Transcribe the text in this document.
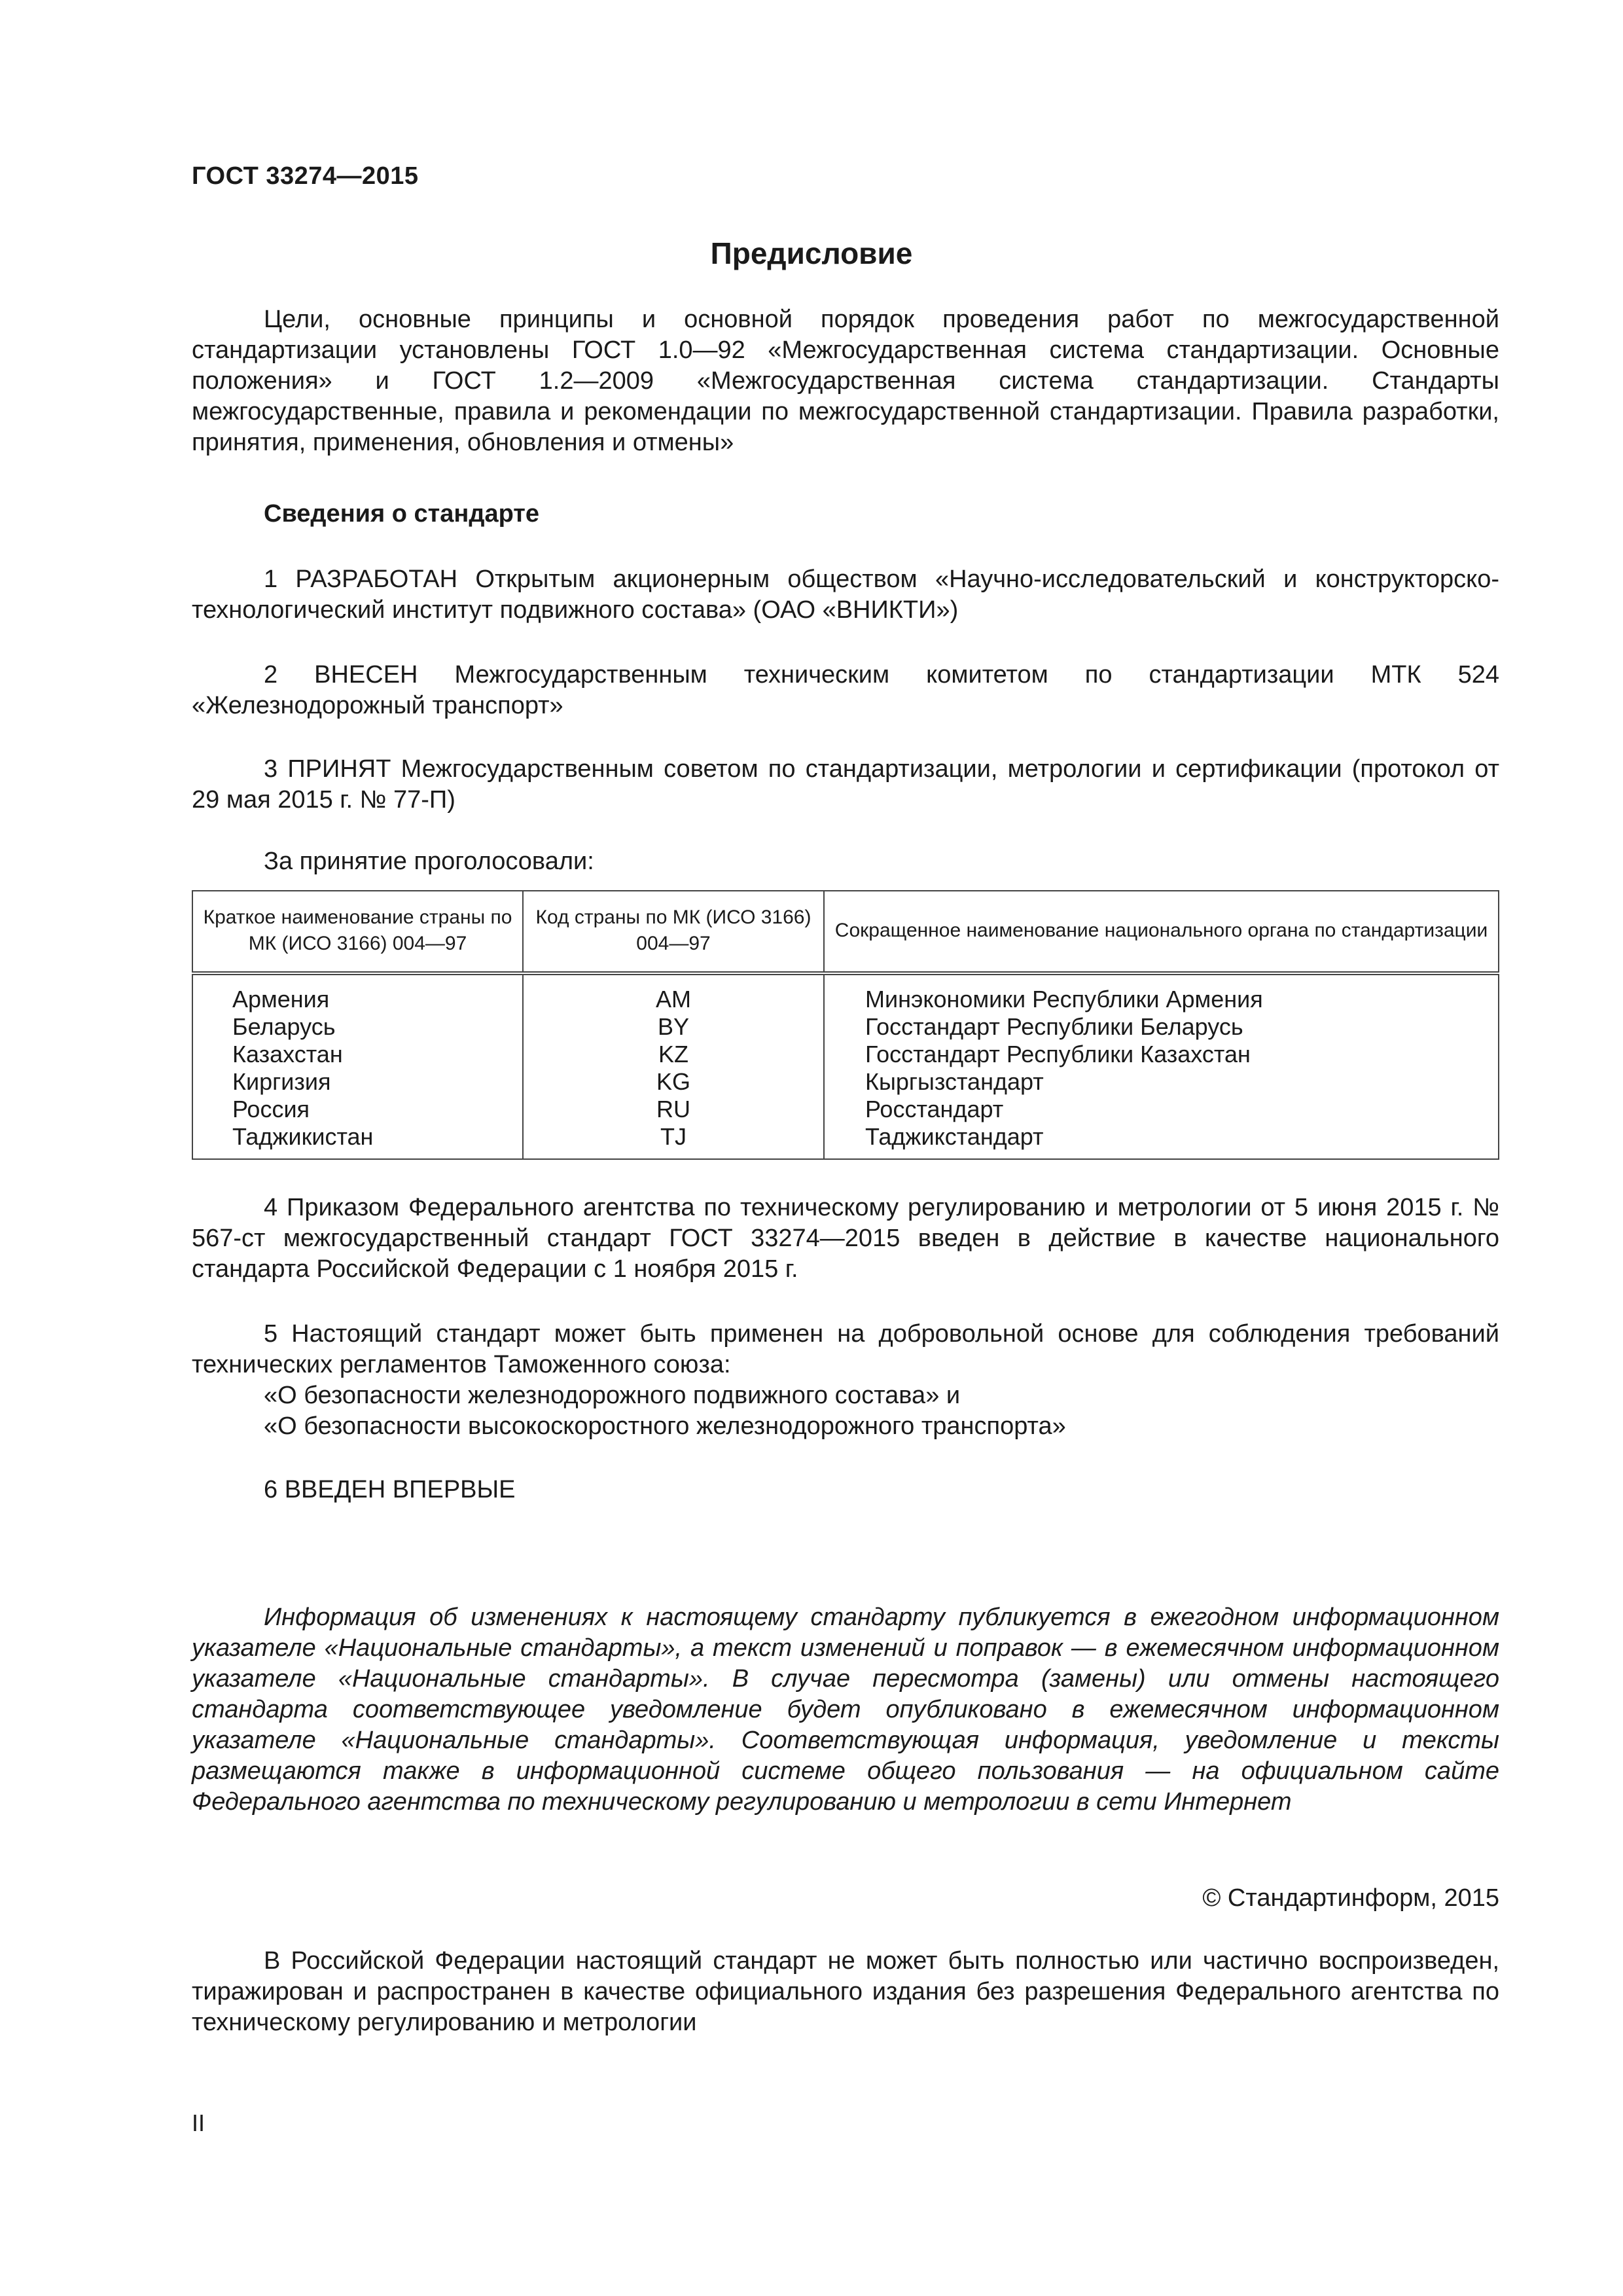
ГОСТ 33274—2015
Предисловие
Цели, основные принципы и основной порядок проведения работ по межгосударственной стандартизации установлены ГОСТ 1.0—92 «Межгосударственная система стандартизации. Основные положения» и ГОСТ 1.2—2009 «Межгосударственная система стандартизации. Стандарты межгосударственные, правила и рекомендации по межгосударственной стандартизации. Правила разработки, принятия, применения, обновления и отмены»
Сведения о стандарте
1 РАЗРАБОТАН Открытым акционерным обществом «Научно-исследовательский и конструкторско-технологический институт подвижного состава» (ОАО «ВНИКТИ»)
2 ВНЕСЕН Межгосударственным техническим комитетом по стандартизации МТК 524 «Железнодорожный транспорт»
3 ПРИНЯТ Межгосударственным советом по стандартизации, метрологии и сертификации (протокол от 29 мая 2015 г. № 77-П)
За принятие проголосовали:
Краткое наименование страны по МК (ИСО 3166) 004—97	Код страны по МК (ИСО 3166) 004—97	Сокращенное наименование национального органа по стандартизации
Армения	AM	Минэкономики Республики Армения
Беларусь	BY	Госстандарт Республики Беларусь
Казахстан	KZ	Госстандарт Республики Казахстан
Киргизия	KG	Кыргызстандарт
Россия	RU	Росстандарт
Таджикистан	TJ	Таджикстандарт
4 Приказом Федерального агентства по техническому регулированию и метрологии от 5 июня 2015 г. № 567-ст межгосударственный стандарт ГОСТ 33274—2015 введен в действие в качестве национального стандарта Российской Федерации с 1 ноября 2015 г.
5 Настоящий стандарт может быть применен на добровольной основе для соблюдения требований технических регламентов Таможенного союза:
«О безопасности железнодорожного подвижного состава» и
«О безопасности высокоскоростного железнодорожного транспорта»
6 ВВЕДЕН ВПЕРВЫЕ
Информация об изменениях к настоящему стандарту публикуется в ежегодном информационном указателе «Национальные стандарты», а текст изменений и поправок — в ежемесячном информационном указателе «Национальные стандарты». В случае пересмотра (замены) или отмены настоящего стандарта соответствующее уведомление будет опубликовано в ежемесячном информационном указателе «Национальные стандарты». Соответствующая информация, уведомление и тексты размещаются также в информационной системе общего пользования — на официальном сайте Федерального агентства по техническому регулированию и метрологии в сети Интернет
© Стандартинформ, 2015
В Российской Федерации настоящий стандарт не может быть полностью или частично воспроизведен, тиражирован и распространен в качестве официального издания без разрешения Федерального агентства по техническому регулированию и метрологии
II
